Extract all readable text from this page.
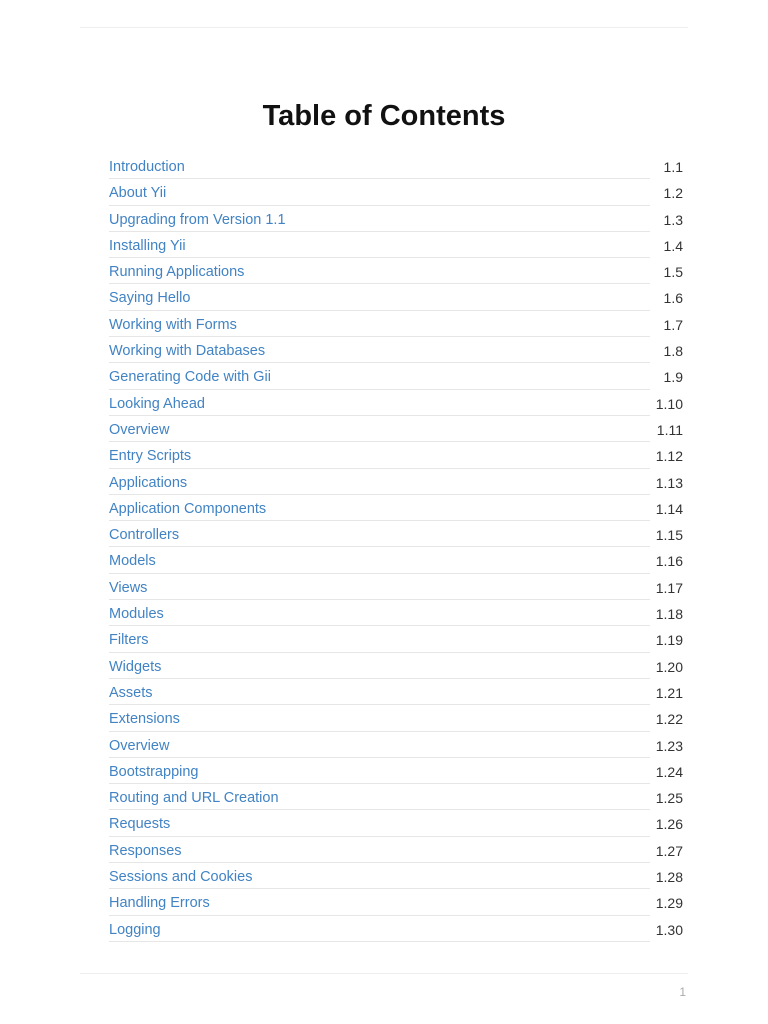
Table of Contents
Introduction	1.1
About Yii	1.2
Upgrading from Version 1.1	1.3
Installing Yii	1.4
Running Applications	1.5
Saying Hello	1.6
Working with Forms	1.7
Working with Databases	1.8
Generating Code with Gii	1.9
Looking Ahead	1.10
Overview	1.11
Entry Scripts	1.12
Applications	1.13
Application Components	1.14
Controllers	1.15
Models	1.16
Views	1.17
Modules	1.18
Filters	1.19
Widgets	1.20
Assets	1.21
Extensions	1.22
Overview	1.23
Bootstrapping	1.24
Routing and URL Creation	1.25
Requests	1.26
Responses	1.27
Sessions and Cookies	1.28
Handling Errors	1.29
Logging	1.30
1
